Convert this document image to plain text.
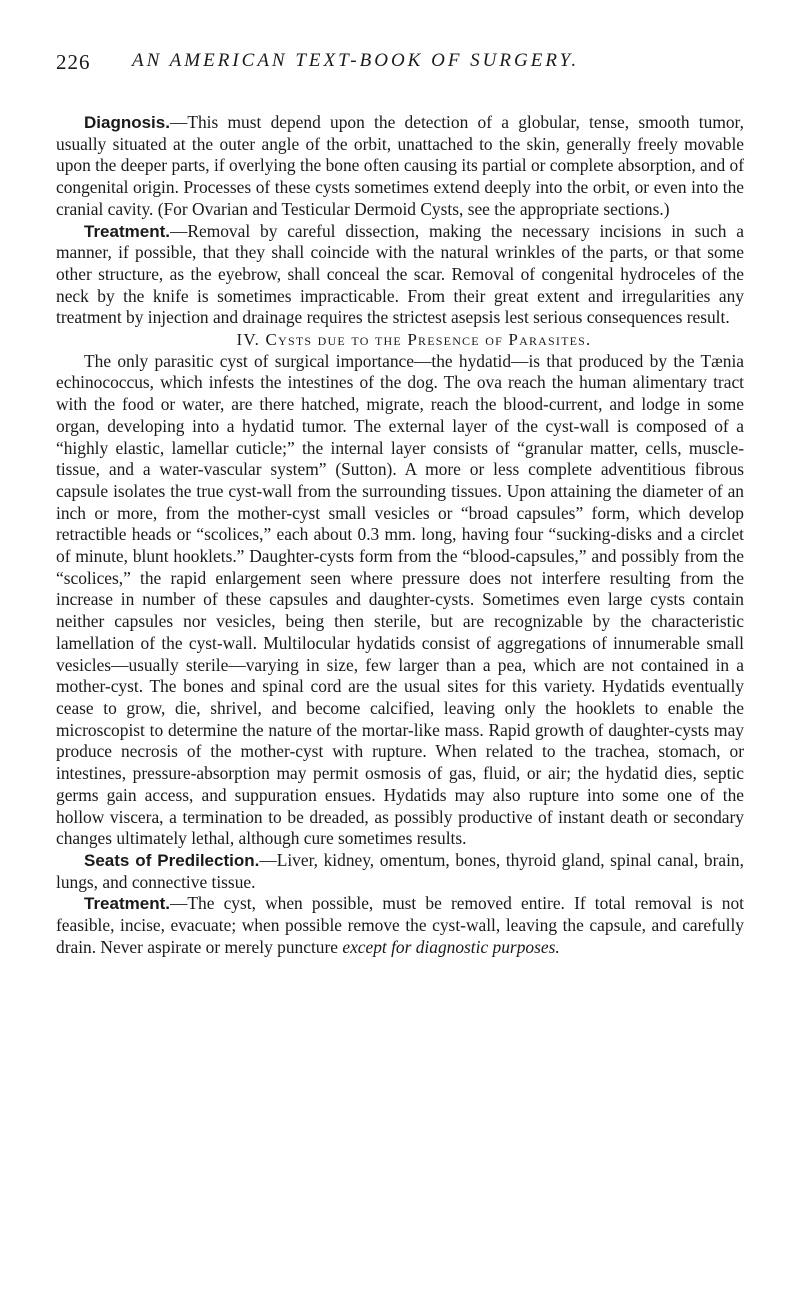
226 AN AMERICAN TEXT-BOOK OF SURGERY.

Diagnosis.—This must depend upon the detection of a globular, tense, smooth tumor, usually situated at the outer angle of the orbit, unattached to the skin, generally freely movable upon the deeper parts, if overlying the bone often causing its partial or complete absorption, and of congenital origin. Processes of these cysts sometimes extend deeply into the orbit, or even into the cranial cavity. (For Ovarian and Testicular Dermoid Cysts, see the appropriate sections.)

Treatment.—Removal by careful dissection, making the necessary incisions in such a manner, if possible, that they shall coincide with the natural wrinkles of the parts, or that some other structure, as the eyebrow, shall conceal the scar. Removal of congenital hydroceles of the neck by the knife is sometimes impracticable. From their great extent and irregularities any treatment by injection and drainage requires the strictest asepsis lest serious consequences result.

IV. Cysts due to the Presence of Parasites.

The only parasitic cyst of surgical importance—the hydatid—is that produced by the Tænia echinococcus, which infests the intestines of the dog. The ova reach the human alimentary tract with the food or water, are there hatched, migrate, reach the blood-current, and lodge in some organ, developing into a hydatid tumor. The external layer of the cyst-wall is composed of a “highly elastic, lamellar cuticle;” the internal layer consists of “granular matter, cells, muscle-tissue, and a water-vascular system” (Sutton). A more or less complete adventitious fibrous capsule isolates the true cyst-wall from the surrounding tissues. Upon attaining the diameter of an inch or more, from the mother-cyst small vesicles or “broad capsules” form, which develop retractible heads or “scolices,” each about 0.3 mm. long, having four “sucking-disks and a circlet of minute, blunt hooklets.” Daughter-cysts form from the “blood-capsules,” and possibly from the “scolices,” the rapid enlargement seen where pressure does not interfere resulting from the increase in number of these capsules and daughter-cysts. Sometimes even large cysts contain neither capsules nor vesicles, being then sterile, but are recognizable by the characteristic lamellation of the cyst-wall. Multilocular hydatids consist of aggregations of innumerable small vesicles—usually sterile—varying in size, few larger than a pea, which are not contained in a mother-cyst. The bones and spinal cord are the usual sites for this variety. Hydatids eventually cease to grow, die, shrivel, and become calcified, leaving only the hooklets to enable the microscopist to determine the nature of the mortar-like mass. Rapid growth of daughter-cysts may produce necrosis of the mother-cyst with rupture. When related to the trachea, stomach, or intestines, pressure-absorption may permit osmosis of gas, fluid, or air; the hydatid dies, septic germs gain access, and suppuration ensues. Hydatids may also rupture into some one of the hollow viscera, a termination to be dreaded, as possibly productive of instant death or secondary changes ultimately lethal, although cure sometimes results.

Seats of Predilection.—Liver, kidney, omentum, bones, thyroid gland, spinal canal, brain, lungs, and connective tissue.

Treatment.—The cyst, when possible, must be removed entire. If total removal is not feasible, incise, evacuate; when possible remove the cyst-wall, leaving the capsule, and carefully drain. Never aspirate or merely puncture except for diagnostic purposes.
